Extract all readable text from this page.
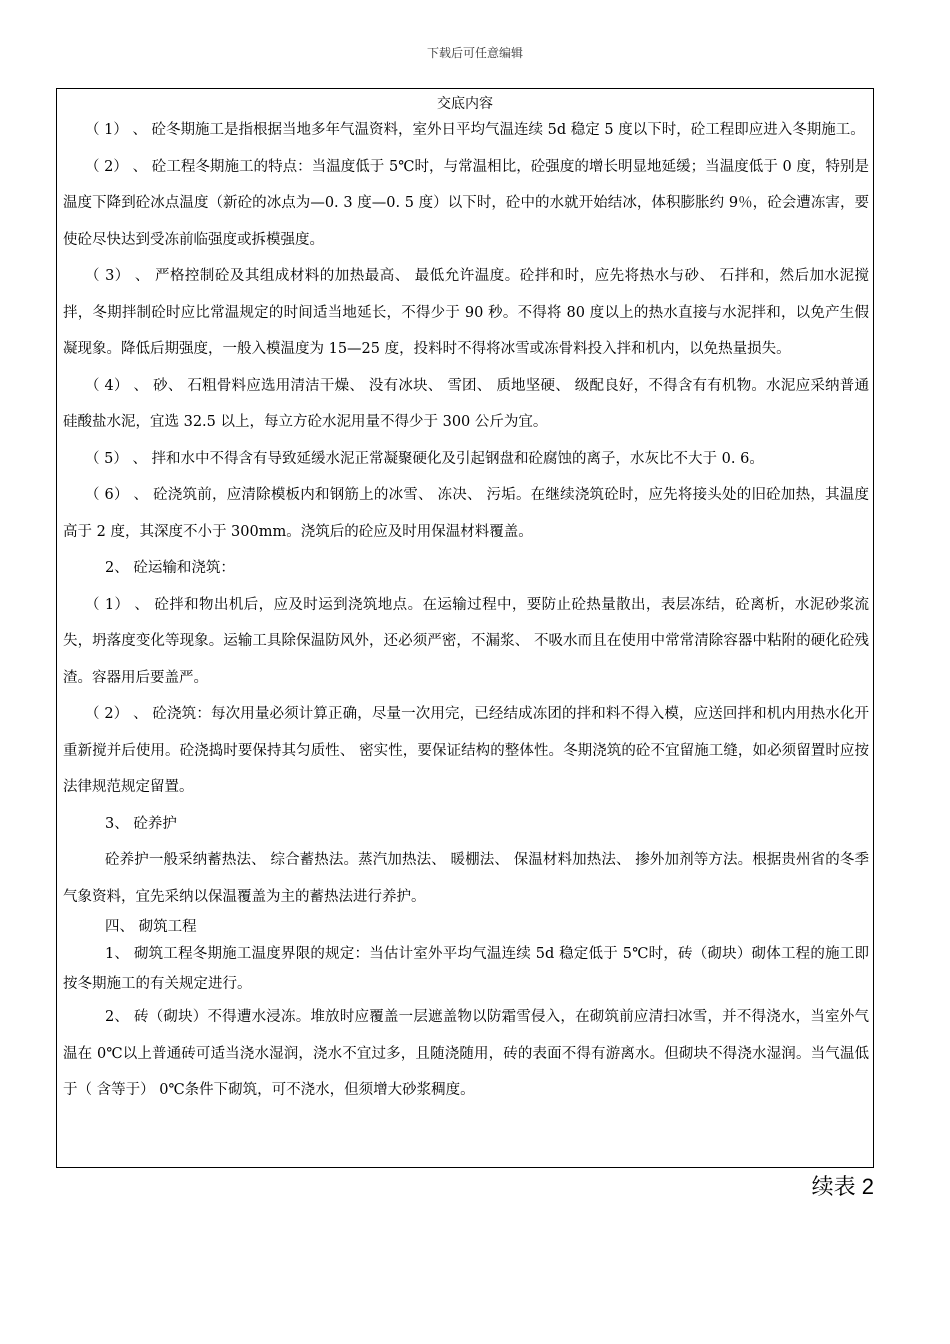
下载后可任意编辑
交底内容

（ 1） 、 砼冬期施工是指根据当地多年气温资料，室外日平均气温连续 5d 稳定 5 度以下时，砼工程即应进入冬期施工。

（ 2） 、 砼工程冬期施工的特点：当温度低于 5℃时，与常温相比，砼强度的增长明显地延缓；当温度低于 0 度，特别是温度下降到砼冰点温度（新砼的冰点为—0. 3 度—0. 5 度）以下时，砼中的水就开始结冰，体积膨胀约 9％，砼会遭冻害，要使砼尽快达到受冻前临强度或拆模强度。

（ 3） 、 严格控制砼及其组成材料的加热最高、 最低允许温度。砼拌和时，应先将热水与砂、 石拌和，然后加水泥搅拌，冬期拌制砼时应比常温规定的时间适当地延长，不得少于 90 秒。不得将 80 度以上的热水直接与水泥拌和，以免产生假凝现象。降低后期强度，一般入模温度为 15—25 度，投料时不得将冰雪或冻骨料投入拌和机内，以免热量损失。

（ 4） 、 砂、 石粗骨料应选用清洁干燥、 没有冰块、 雪团、 质地坚硬、 级配良好，不得含有有机物。水泥应采纳普通硅酸盐水泥，宜选 32.5 以上，每立方砼水泥用量不得少于 300 公斤为宜。

（ 5） 、 拌和水中不得含有导致延缓水泥正常凝聚硬化及引起钢盘和砼腐蚀的离子，水灰比不大于 0. 6。

（ 6） 、 砼浇筑前，应清除模板内和钢筋上的冰雪、 冻决、 污垢。在继续浇筑砼时，应先将接头处的旧砼加热，其温度高于 2 度，其深度不小于 300mm。浇筑后的砼应及时用保温材料覆盖。

2、 砼运输和浇筑：

（ 1） 、 砼拌和物出机后，应及时运到浇筑地点。在运输过程中，要防止砼热量散出，表层冻结，砼离析，水泥砂浆流失，坍落度变化等现象。运输工具除保温防风外，还必须严密，不漏浆、 不吸水而且在使用中常常清除容器中粘附的硬化砼残渣。容器用后要盖严。

（ 2） 、 砼浇筑：每次用量必须计算正确，尽量一次用完，已经结成冻团的拌和料不得入模，应送回拌和机内用热水化开重新搅并后使用。砼浇捣时要保持其匀质性、 密实性，要保证结构的整体性。冬期浇筑的砼不宜留施工缝，如必须留置时应按法律规范规定留置。

3、 砼养护

砼养护一般采纳蓄热法、 综合蓄热法。蒸汽加热法、 暖棚法、 保温材料加热法、 掺外加剂等方法。根据贵州省的冬季气象资料，宜先采纳以保温覆盖为主的蓄热法进行养护。

四、 砌筑工程

1、 砌筑工程冬期施工温度界限的规定：当估计室外平均气温连续 5d 稳定低于 5℃时，砖（砌块）砌体工程的施工即按冬期施工的有关规定进行。

2、 砖（砌块）不得遭水浸冻。堆放时应覆盖一层遮盖物以防霜雪侵入，在砌筑前应清扫冰雪，并不得浇水，当室外气温在 0℃以上普通砖可适当浇水湿润，浇水不宜过多，且随浇随用，砖的表面不得有游离水。但砌块不得浇水湿润。当气温低于（ 含等于） 0℃条件下砌筑，可不浇水，但须增大砂浆稠度。

续表 2
